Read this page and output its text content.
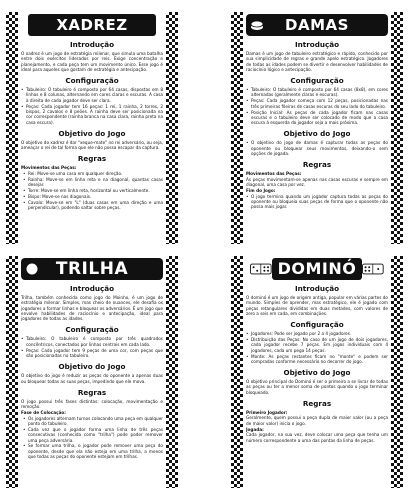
XADREZ
Introdução

O xadrez é um jogo de estratégia milenar, que simula uma batalha entre dois exércitos liderados por reis. Exige concentração e planejamento, e cada peça tem um movimento único. Esse jogo é ideal para aqueles que gostam de estratégia e antecipação.

Configuração
• Tabuleiro: O tabuleiro é composto por 64 casas, dispostas em 8 linhas e 8 colunas, alternando em cores claras e escuras. A casa à direita de cada jogador deve ser clara.
• Peças: Cada jogador tem 16 peças: 1 rei, 1 rainha, 2 torres, 2 bispos, 2 cavalos e 8 peões. A rainha deve ser posicionada na cor correspondente (rainha branca na casa clara, rainha preta na casa escura).
Objetivo do Jogo

O objetivo do xadrez é dar "xeque-mate" no rei adversário, ou seja, ameaçar o rei de tal forma que ele não possa escapar da captura.

Regras
Movimentos das Peças:
• Rei: Move-se uma casa em qualquer direção.
• Rainha: Move-se em linha reta e na diagonal, quantas casas desejar.
• Torre: Move-se em linha reta, horizontal ou verticalmente.
• Bispo: Move-se nas diagonais.
• Cavalo: Move-se em "L" (duas casas em uma direção e uma perpendicular), podendo saltar sobre peças.
DAMAS
Introdução

Damas é um jogo de tabuleiro estratégico e rápido, conhecido por sua simplicidade de regras e grande apelo estratégico. Jogadores de todas as idades podem se divertir e desenvolver habilidades de raciocínio lógico e antecipação.

Configuração
• Tabuleiro: O tabuleiro é composto por 64 casas (8x8), em cores alternadas (geralmente claras e escuras).
• Peças: Cada jogador começa com 12 peças, posicionadas nas três primeiras fileiras de casas escuras do seu lado do tabuleiro.
• Posição Inicial: As peças de cada jogador ficam nas casas escuras e o tabuleiro deve ser colocado de modo que a casa escura à esquerda do jogador seja a mais próxima.
Objetivo do Jogo
• O objetivo do jogo de damas é capturar todas as peças do oponente ou bloquear seus movimentos, deixando-o sem opções de jogada.
Regras
Movimentos das Peças:

As peças movimentam-se apenas nas casas escuras e sempre em diagonal, uma casa por vez.

Fim do Jogo:
• O jogo termina quando um jogador captura todas as peças do oponente ou bloqueia suas peças de forma que o oponente não possa mais jogar.
TRILHA
Introdução

Trilha, também conhecida como jogo do Moinho, é um jogo de estratégia milenar. Simples, mas cheio de nuances, ele desafia os jogadores a formar linhas e bloquear os adversários. É um jogo que envolve habilidades de raciocínio e antecipação, ideal para jogadores de todas as idades.

Configuração
• Tabuleiro: O tabuleiro é composto por três quadrados concêntricos, conectados por linhas centrais em cada lado.
• Peças: Cada jogador tem 9 peças de uma cor, com peças que são posicionadas no tabuleiro.
Objetivo do Jogo

O objetivo do jogo é reduzir as peças do oponente a apenas duas ou bloquear todas as suas peças, impedindo que ele mova.

Regras

O jogo possui três fases distintas: colocação, movimentação e remoção.

Fase de Colocação:
• Os jogadores alternam turnos colocando uma peça em qualquer ponto do tabuleiro.
• Cada vez que o jogador forma uma linha de três peças consecutivas (conhecida como "trilha") pode poder remover uma peça adversária.
• Se formar uma trilha, o jogador pode remover uma peça do oponente, desde que ela não esteja em uma trilha, a menos que todas as peças do oponente estejam em trilhas.
DOMINÓ
Introdução

O dominó é um jogo de origem antiga, popular em várias partes do mundo. Simples de aprender, mas estratégico, ele é jogado com peças retangulares divididas em duas metades, com valores de zero a seis em cada, em combinações.

Configuração
• Jogadores: Pode ser jogado por 2 a 4 jogadores.
• Distribuição das Peças: No caso de um jogo de dois jogadores, cada jogador recebe 7 peças. Em jogos individuais com 4 jogadores, cada um pega 14 peças.
• Monte: As peças restantes ficam no "monte" e podem ser compradas conforme necessário no decorrer do jogo.
Objetivo do Jogo

O objetivo principal do Dominó é ser o primeiro a se livrar de todas as peças ou ter a menor soma de pontos quando o jogo terminar bloqueado.

Regras
Primeiro Jogador:

Geralmente, quem possui a peça dupla de maior valor (ou a peça de maior valor) inicia o jogo.

Jogada:

Cada jogador, na sua vez, deve colocar uma peça que tenha um número correspondente a uma das pontas da linha de peças.
